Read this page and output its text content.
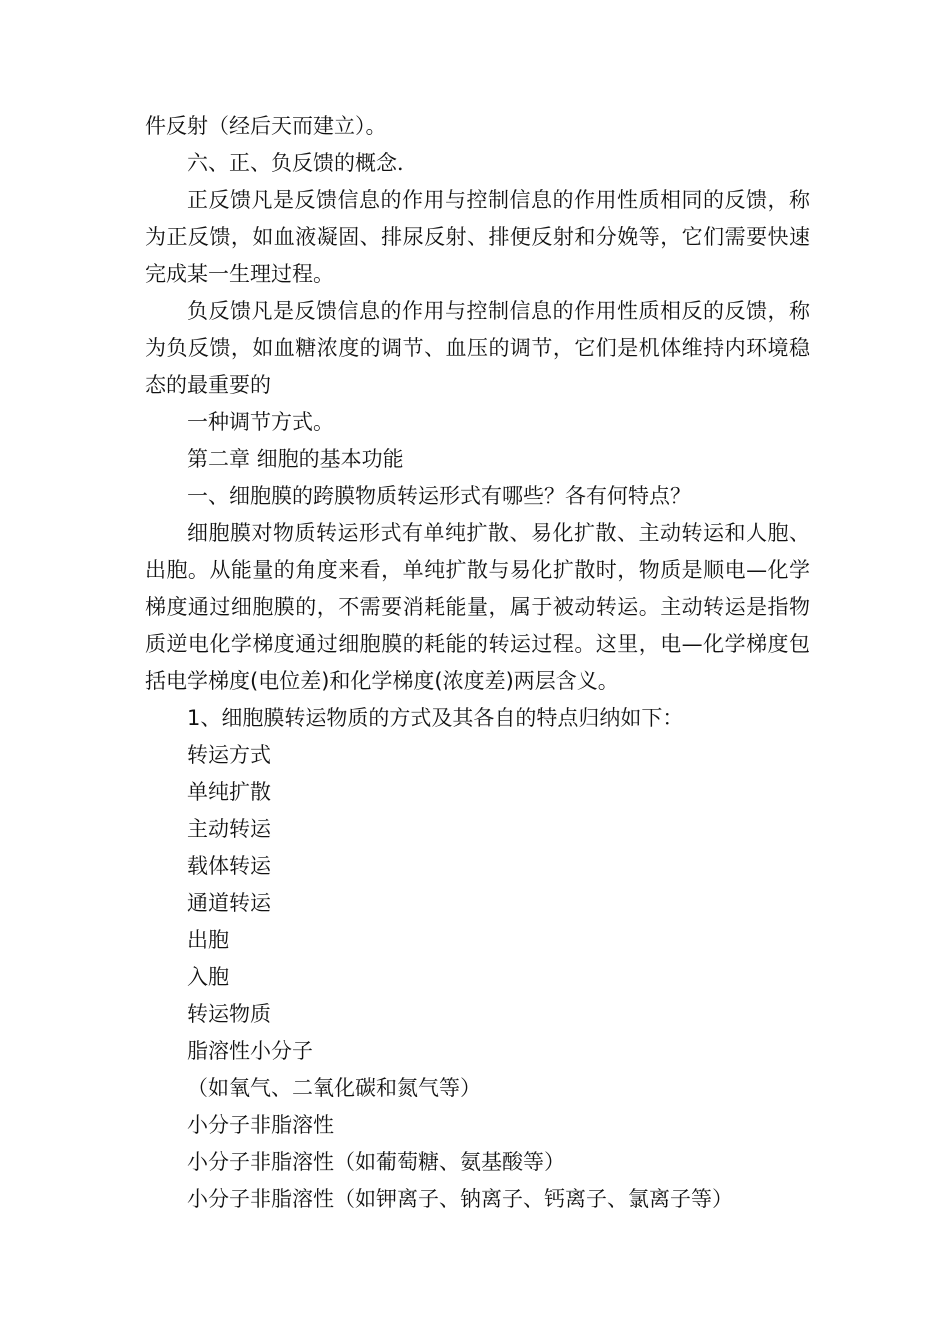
件反射（经后天而建立）。

六、正、负反馈的概念．

正反馈凡是反馈信息的作用与控制信息的作用性质相同的反馈，称为正反馈，如血液凝固、排尿反射、排便反射和分娩等，它们需要快速完成某一生理过程。

负反馈凡是反馈信息的作用与控制信息的作用性质相反的反馈，称为负反馈，如血糖浓度的调节、血压的调节，它们是机体维持内环境稳态的最重要的

一种调节方式。

第二章 细胞的基本功能

一、细胞膜的跨膜物质转运形式有哪些？各有何特点？

细胞膜对物质转运形式有单纯扩散、易化扩散、主动转运和人胞、出胞。从能量的角度来看，单纯扩散与易化扩散时，物质是顺电—化学梯度通过细胞膜的，不需要消耗能量，属于被动转运。主动转运是指物质逆电化学梯度通过细胞膜的耗能的转运过程。这里，电—化学梯度包括电学梯度(电位差)和化学梯度(浓度差)两层含义。

1、细胞膜转运物质的方式及其各自的特点归纳如下：

转运方式

单纯扩散

主动转运

载体转运

通道转运

出胞

入胞

转运物质

脂溶性小分子

（如氧气、二氧化碳和氮气等）

小分子非脂溶性

小分子非脂溶性（如葡萄糖、氨基酸等）

小分子非脂溶性（如钾离子、钠离子、钙离子、氯离子等）
